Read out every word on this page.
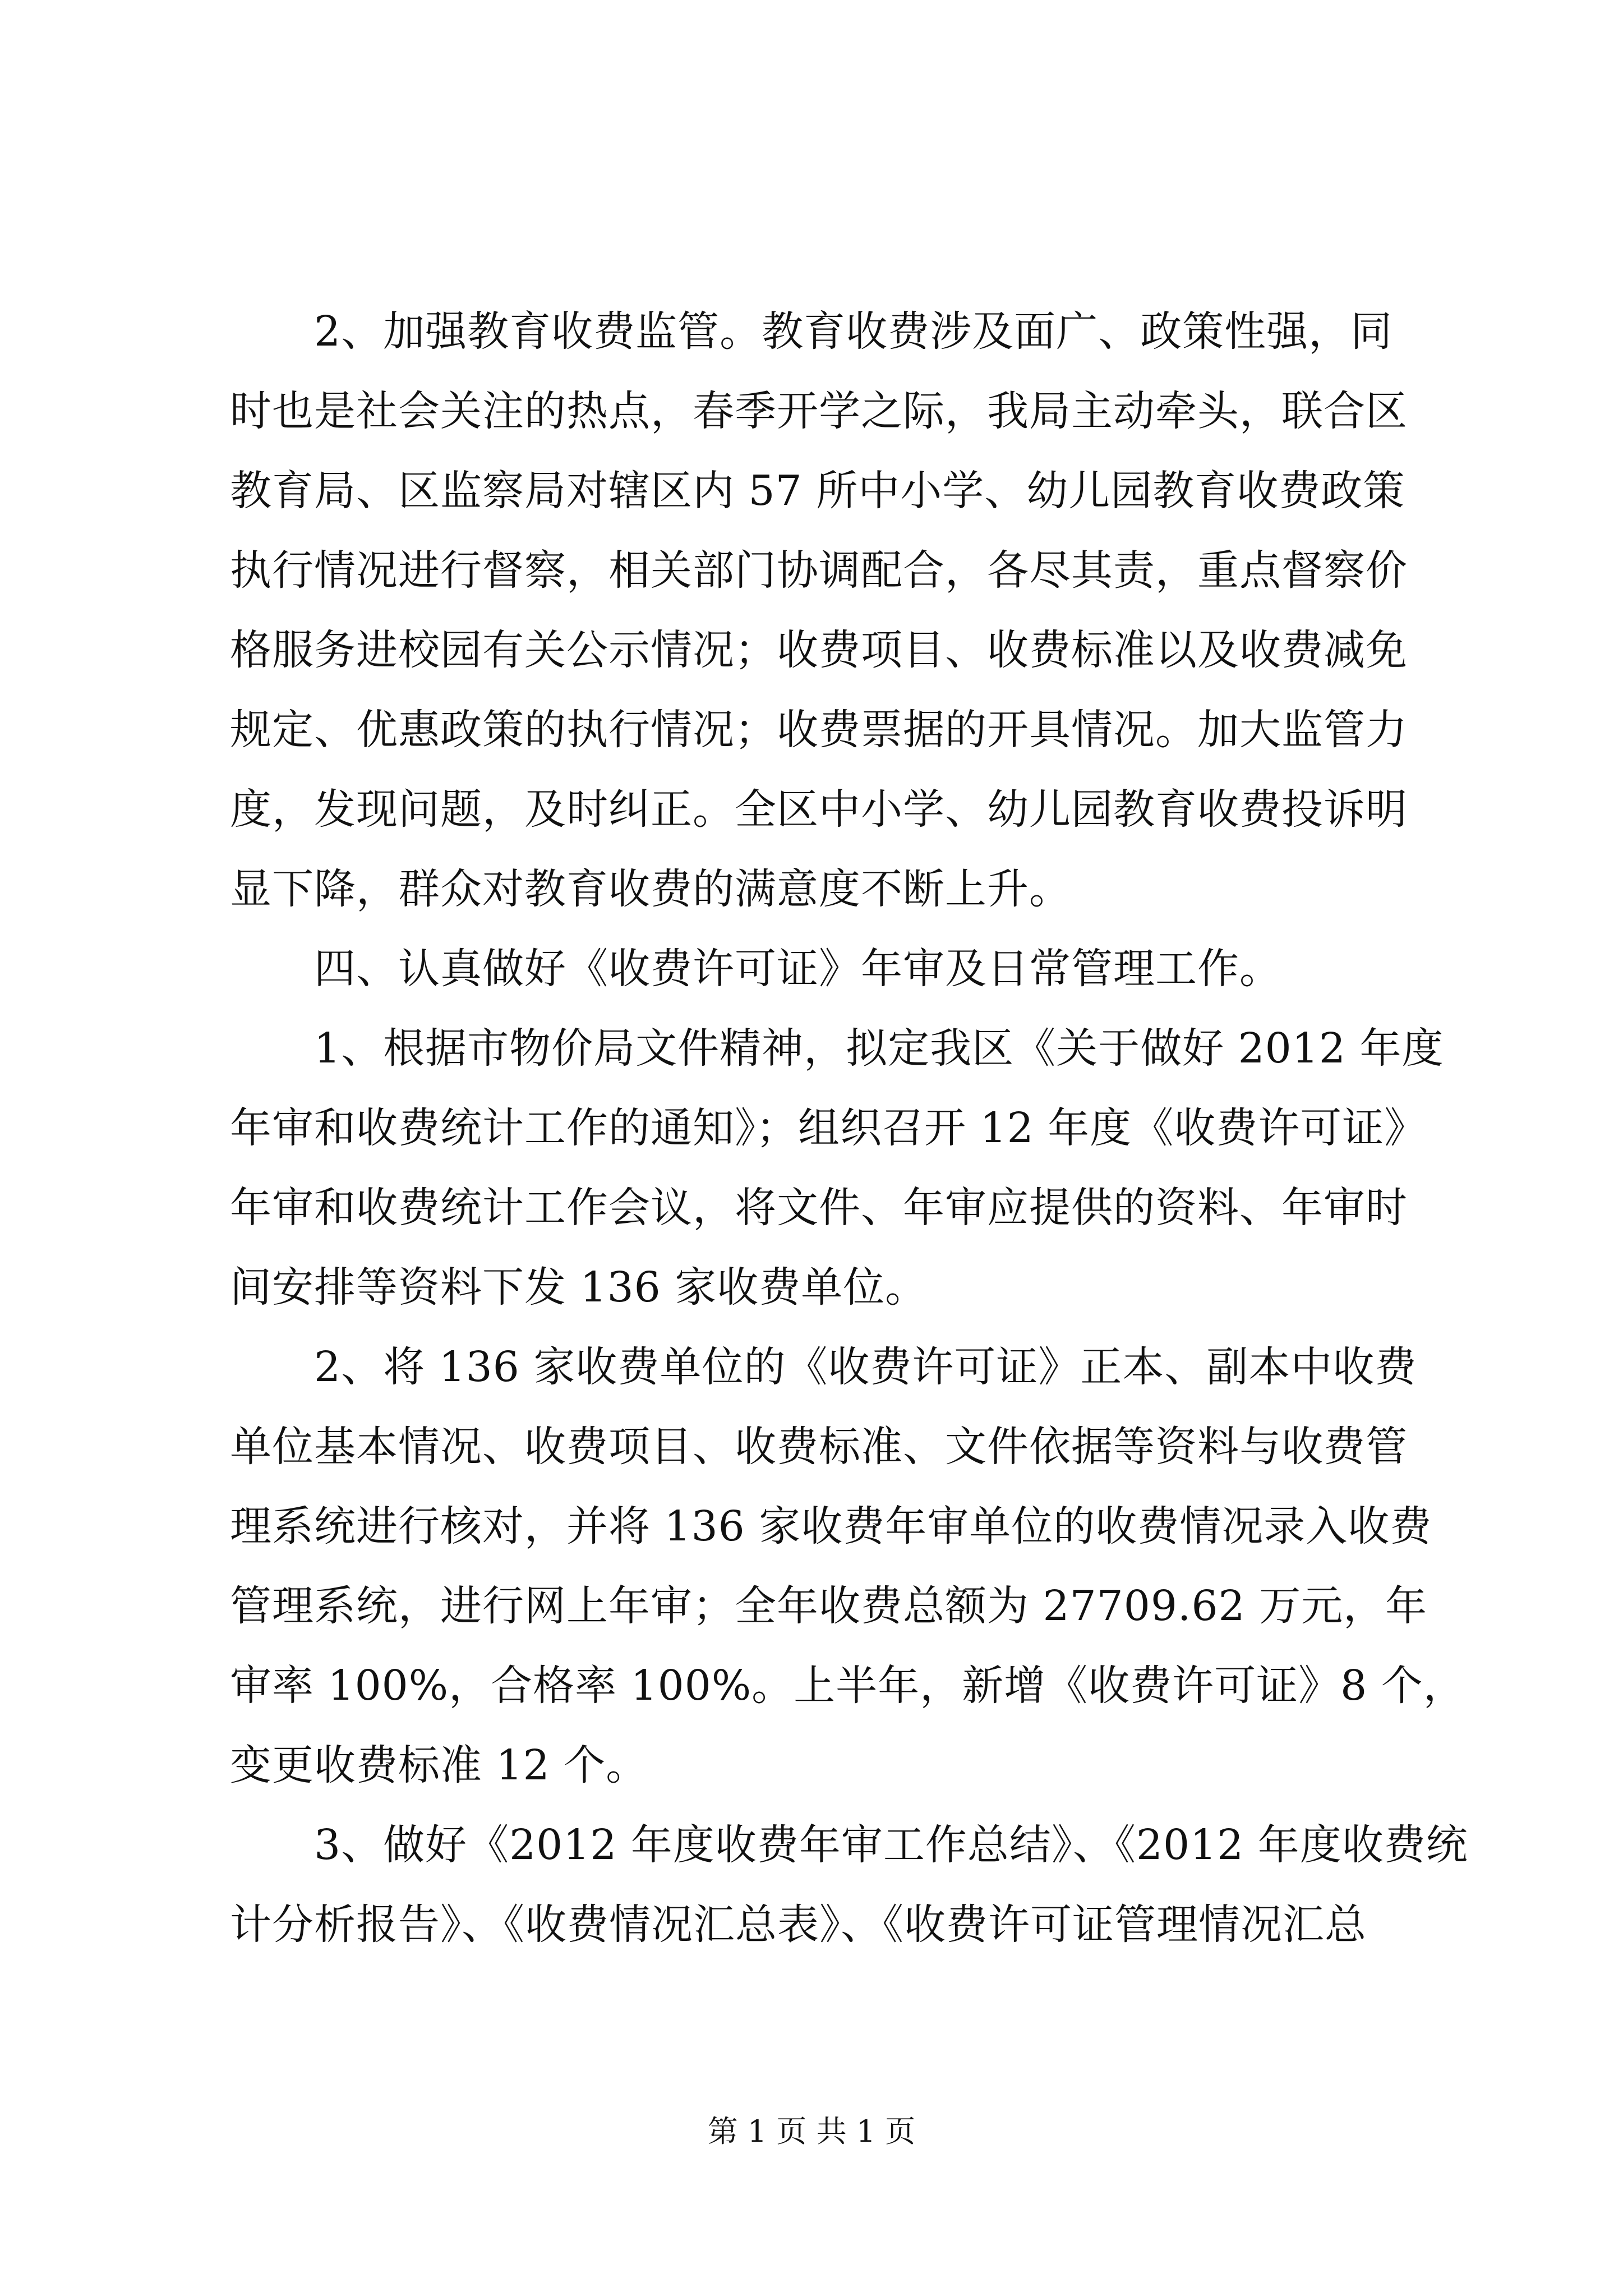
　　2、加强教育收费监管。教育收费涉及面广、政策性强，同
时也是社会关注的热点，春季开学之际，我局主动牵头，联合区
教育局、区监察局对辖区内 57 所中小学、幼儿园教育收费政策
执行情况进行督察，相关部门协调配合，各尽其责，重点督察价
格服务进校园有关公示情况；收费项目、收费标准以及收费减免
规定、优惠政策的执行情况；收费票据的开具情况。加大监管力
度，发现问题，及时纠正。全区中小学、幼儿园教育收费投诉明
显下降，群众对教育收费的满意度不断上升。
　　四、认真做好《收费许可证》年审及日常管理工作。
　　1、根据市物价局文件精神，拟定我区《关于做好 2012 年度
年审和收费统计工作的通知》；组织召开 12 年度《收费许可证》
年审和收费统计工作会议，将文件、年审应提供的资料、年审时
间安排等资料下发 136 家收费单位。
　　2、将 136 家收费单位的《收费许可证》正本、副本中收费
单位基本情况、收费项目、收费标准、文件依据等资料与收费管
理系统进行核对，并将 136 家收费年审单位的收费情况录入收费
管理系统，进行网上年审；全年收费总额为 27709.62 万元，年
审率 100%，合格率 100%。上半年，新增《收费许可证》8 个，
变更收费标准 12 个。
　　3、做好《2012 年度收费年审工作总结》、《2012 年度收费统
计分析报告》、《收费情况汇总表》、《收费许可证管理情况汇总
第 1 页 共 1 页
